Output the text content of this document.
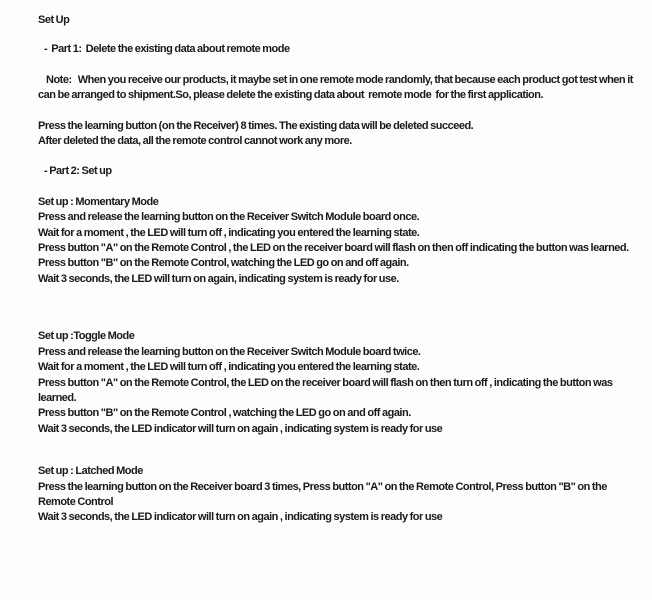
Set Up

-  Part 1:  Delete the existing data about remote mode

Note:   When you receive our products, it maybe set in one remote mode randomly, that because each product got test when it can be arranged to shipment.So, please delete the existing data about  remote mode  for the first application.

Press the learning button (on the Receiver) 8 times. The existing data will be deleted succeed.

After deleted the data, all the remote control cannot work any more.

- Part 2: Set up

Set up : Momentary Mode

Press and release the learning button on the Receiver Switch Module board once.

Wait for a moment , the LED will turn off , indicating you entered the learning state.

Press button "A" on the Remote Control , the LED on the receiver board will flash on then off indicating the button was learned.

Press button "B" on the Remote Control, watching the LED go on and off again.

Wait 3 seconds, the LED will turn on again, indicating system is ready for use.

Set up :Toggle Mode

Press and release the learning button on the Receiver Switch Module board twice.

Wait for a moment , the LED will turn off , indicating you entered the learning state.

Press button "A" on the Remote Control, the LED on the receiver board will flash on then turn off , indicating the button was learned.

Press button "B" on the Remote Control , watching the LED go on and off again.

Wait 3 seconds, the LED indicator will turn on again , indicating system is ready for use

Set up : Latched Mode

Press the learning button on the Receiver board 3 times, Press button "A" on the Remote Control, Press button "B" on the Remote Control

Wait 3 seconds, the LED indicator will turn on again , indicating system is ready for use
